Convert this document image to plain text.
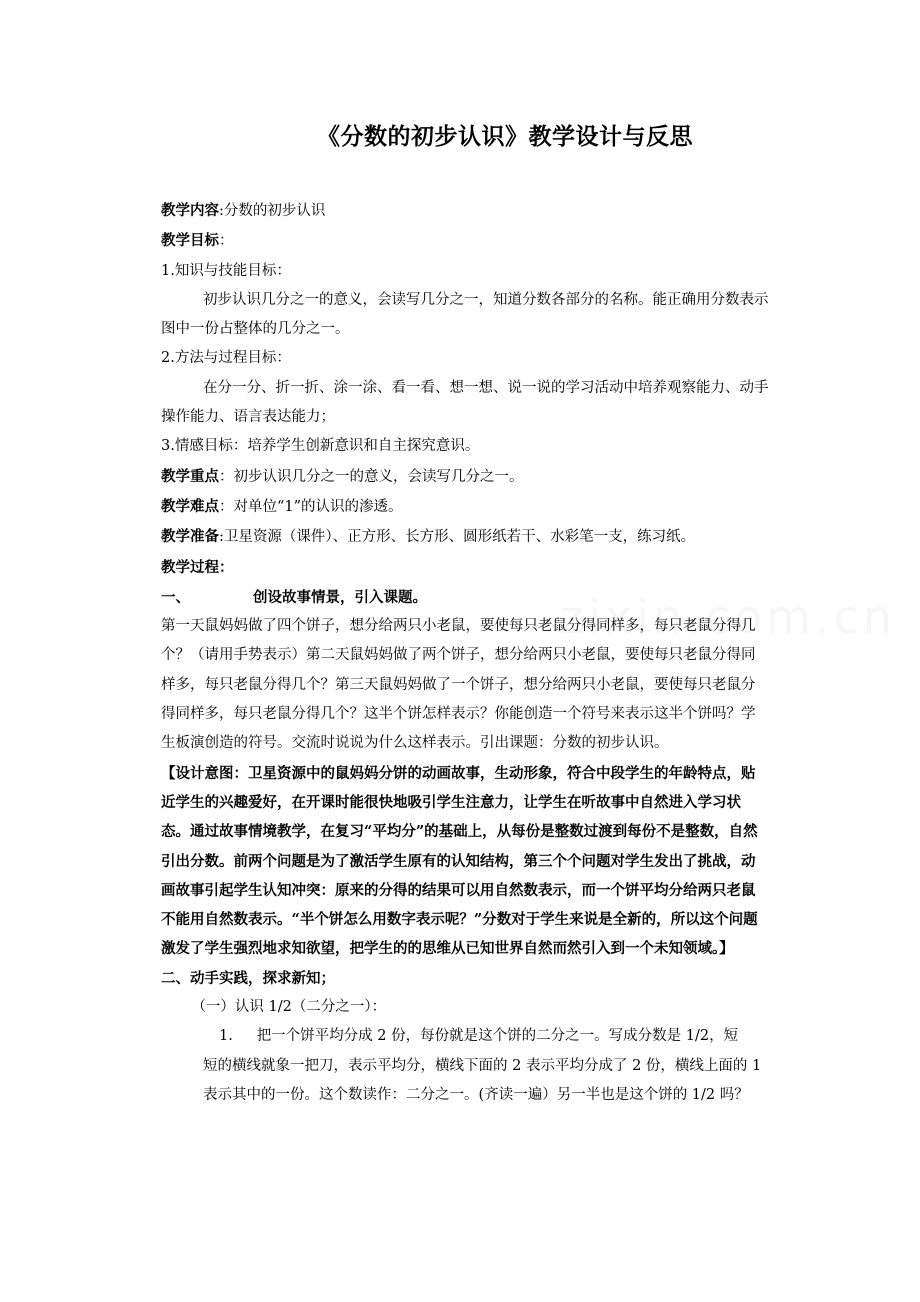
《分数的初步认识》教学设计与反思

教学内容:分数的初步认识

教学目标：

1.知识与技能目标：

初步认识几分之一的意义，会读写几分之一，知道分数各部分的名称。能正确用分数表示图中一份占整体的几分之一。

2.方法与过程目标：

在分一分、折一折、涂一涂、看一看、想一想、说一说的学习活动中培养观察能力、动手操作能力、语言表达能力；

3.情感目标：培养学生创新意识和自主探究意识。

教学重点：初步认识几分之一的意义，会读写几分之一。

教学难点：对单位“1”的认识的渗透。

教学准备:卫星资源（课件）、正方形、长方形、圆形纸若干、水彩笔一支，练习纸。

教学过程：

一、	创设故事情景，引入课题。

第一天鼠妈妈做了四个饼子，想分给两只小老鼠，要使每只老鼠分得同样多，每只老鼠分得几个？（请用手势表示）第二天鼠妈妈做了两个饼子，想分给两只小老鼠，要使每只老鼠分得同样多，每只老鼠分得几个？第三天鼠妈妈做了一个饼子，想分给两只小老鼠，要使每只老鼠分得同样多，每只老鼠分得几个？这半个饼怎样表示？你能创造一个符号来表示这半个饼吗？学生板演创造的符号。交流时说说为什么这样表示。引出课题：分数的初步认识。

【设计意图：卫星资源中的鼠妈妈分饼的动画故事，生动形象，符合中段学生的年龄特点，贴近学生的兴趣爱好，在开课时能很快地吸引学生注意力，让学生在听故事中自然进入学习状态。通过故事情境教学，在复习“平均分”的基础上，从每份是整数过渡到每份不是整数，自然引出分数。前两个问题是为了激活学生原有的认知结构，第三个个问题对学生发出了挑战，动画故事引起学生认知冲突：原来的分得的结果可以用自然数表示，而一个饼平均分给两只老鼠不能用自然数表示。“半个饼怎么用数字表示呢？”分数对于学生来说是全新的，所以这个问题激发了学生强烈地求知欲望，把学生的的思维从已知世界自然而然引入到一个未知领域。】

二、动手实践，探求新知；

（一）认识 1/2（二分之一）：

1. 把一个饼平均分成 2 份，每份就是这个饼的二分之一。写成分数是 1/2，短

短的横线就象一把刀，表示平均分，横线下面的 2 表示平均分成了 2 份，横线上面的 1 表示其中的一份。这个数读作：二分之一。(齐读一遍）另一半也是这个饼的 1/2 吗？
